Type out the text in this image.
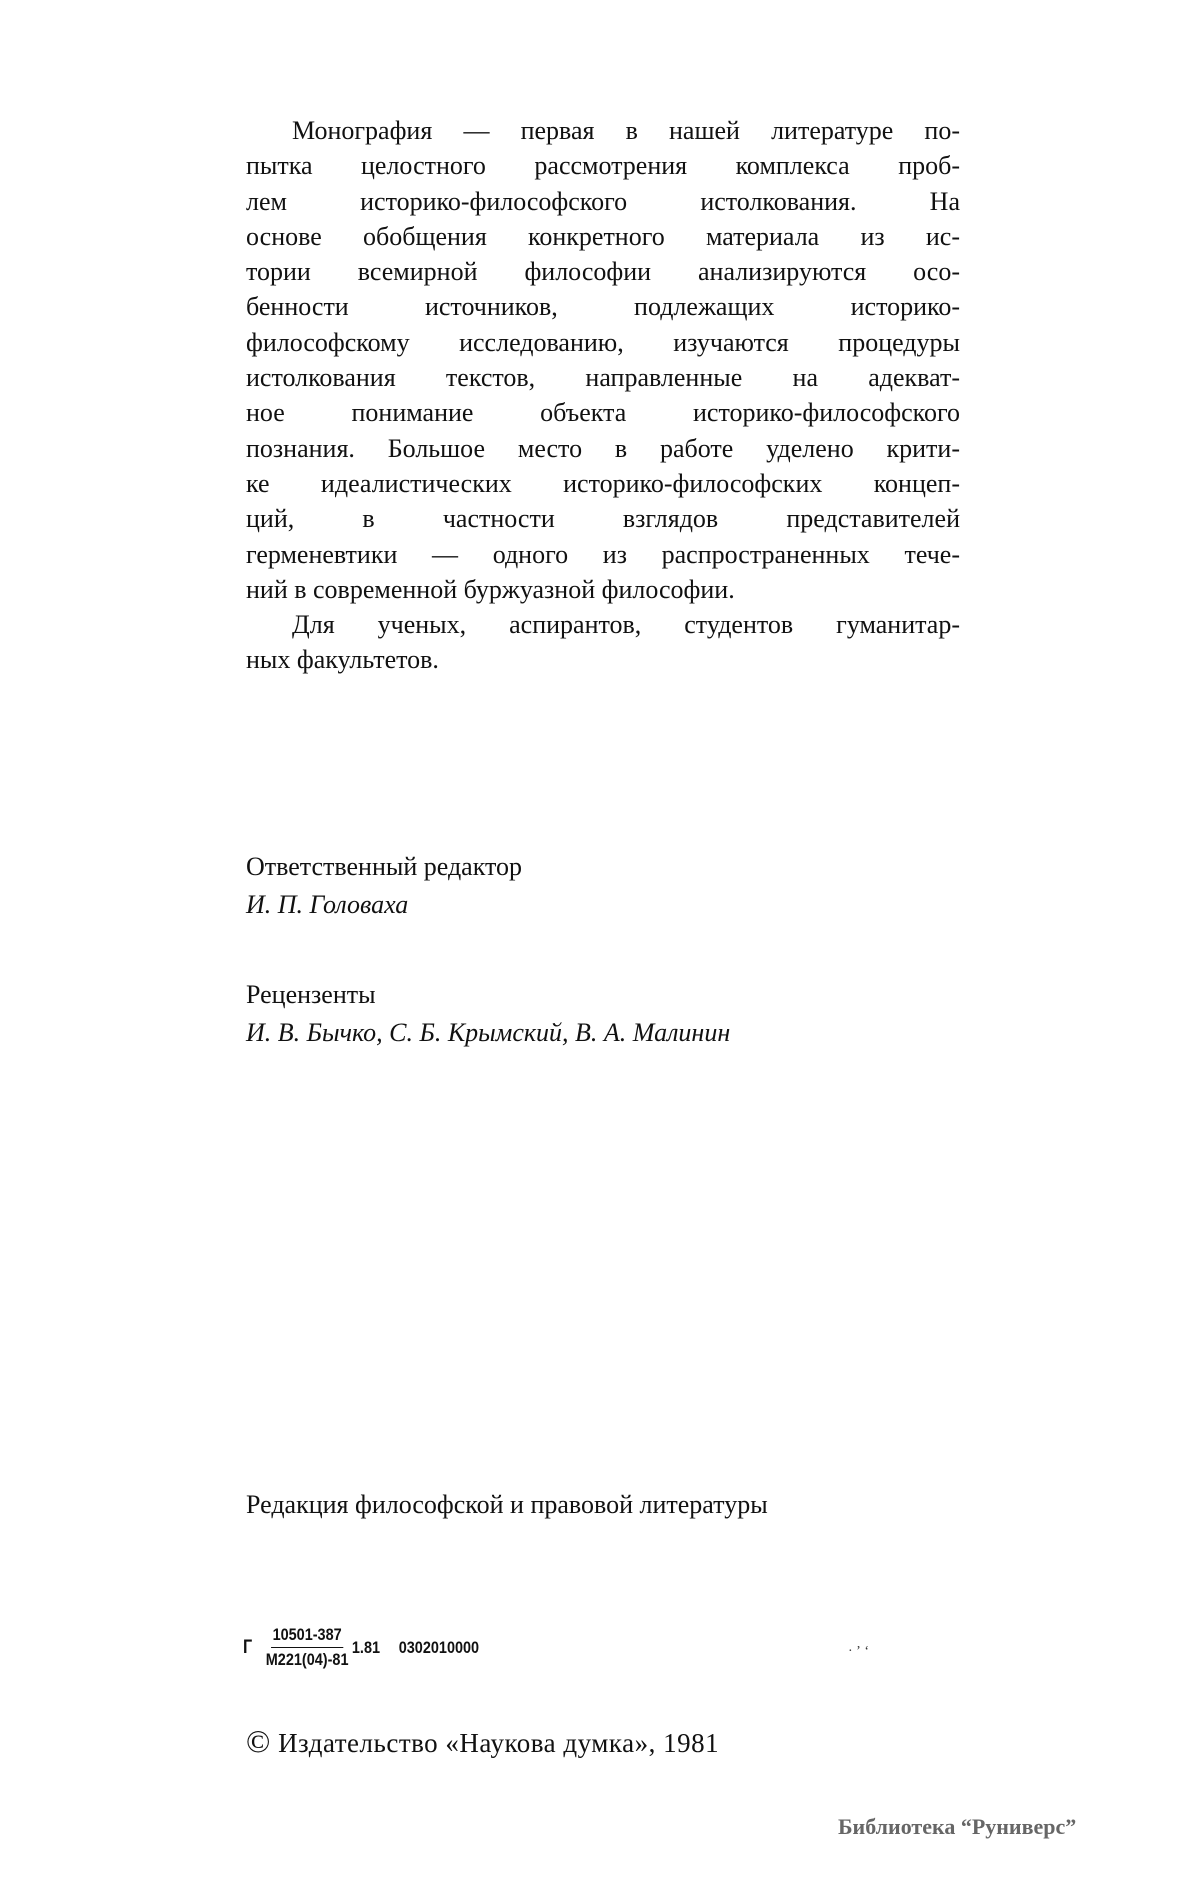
Монография — первая в нашей литературе по-
пытка целостного рассмотрения комплекса проб-
лем историко-философского истолкования. На
основе обобщения конкретного материала из ис-
тории всемирной философии анализируются осо-
бенности источников, подлежащих историко-
философскому исследованию, изучаются процедуры
истолкования текстов, направленные на адекват-
ное понимание объекта историко-философского
познания. Большое место в работе уделено крити-
ке идеалистических историко-философских концеп-
ций, в частности взглядов представителей
герменевтики — одного из распространенных тече-
ний в современной буржуазной философии.
Для ученых, аспирантов, студентов гуманитар-
ных факультетов.
Ответственный редактор
И. П. Головаха
Рецензенты
И. В. Бычко, С. Б. Крымский, В. А. Малинин
Редакция философской и правовой литературы
Г $\frac{10501-387}{М221(04)-81} 1.81$ 0302010000	· ʼ ʻ
© Издательство «Наукова думка», 1981
Библиотека “Руниверс”
